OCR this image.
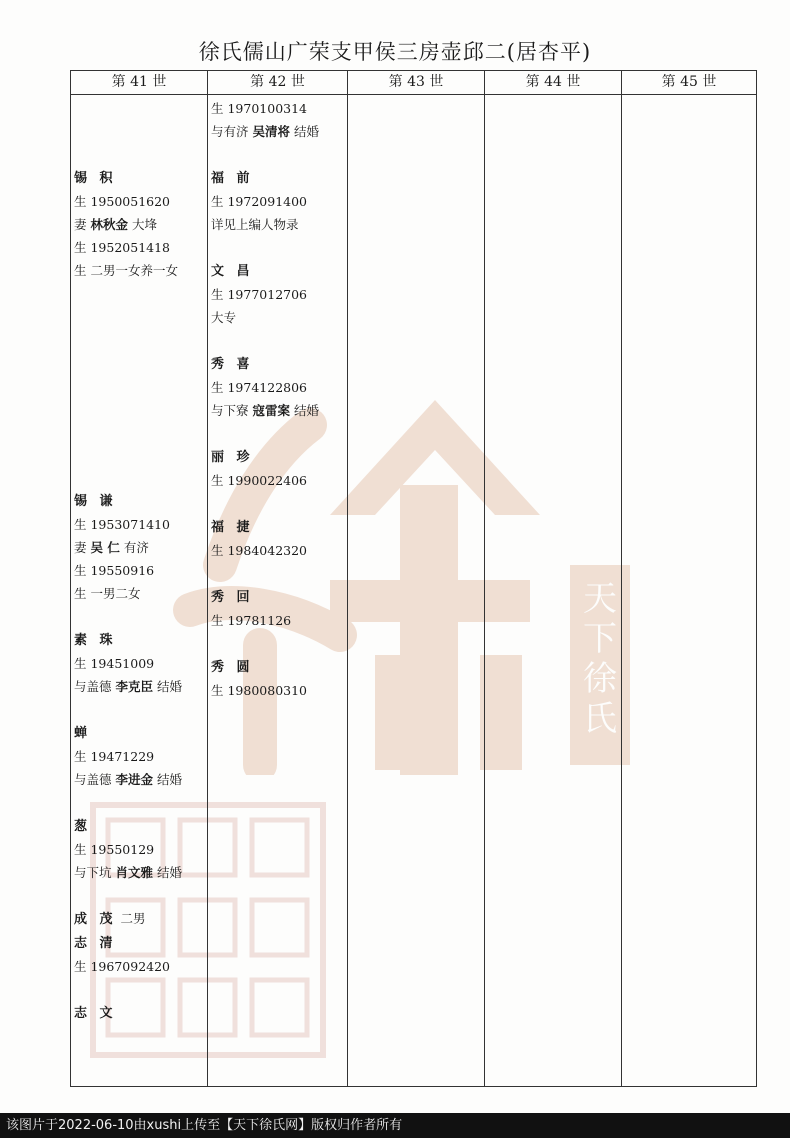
徐氏儒山广荣支甲侯三房壶邱二(居杏平)
天
下
徐
氏
第 41 世
锡 积
生 1950051620
妻 林秋金 大埄
生 1952051418
生 二男一女养一女
锡 谦
生 1953071410
妻 吴 仁 有济
生 19550916
生 一男二女
素 珠
生 19451009
与盖德 李克臣 结婚
蝉
生 19471229
与盖德 李进金 结婚
葱
生 19550129
与下坑 肖文雅 结婚
成 茂 二男
志 清
生 1967092420
志 文
第 42 世
生 1970100314
与有济 吴清将 结婚
福 前
生 1972091400
详见上编人物录
文 昌
生 1977012706
大专
秀 喜
生 1974122806
与下寮 寇雷案 结婚
丽 珍
生 1990022406
福 捷
生 1984042320
秀 回
生 19781126
秀 圆
生 1980080310
第 43 世	第 44 世	第 45 世
该图片于2022-06-10由xushi上传至【天下徐氏网】版权归作者所有
